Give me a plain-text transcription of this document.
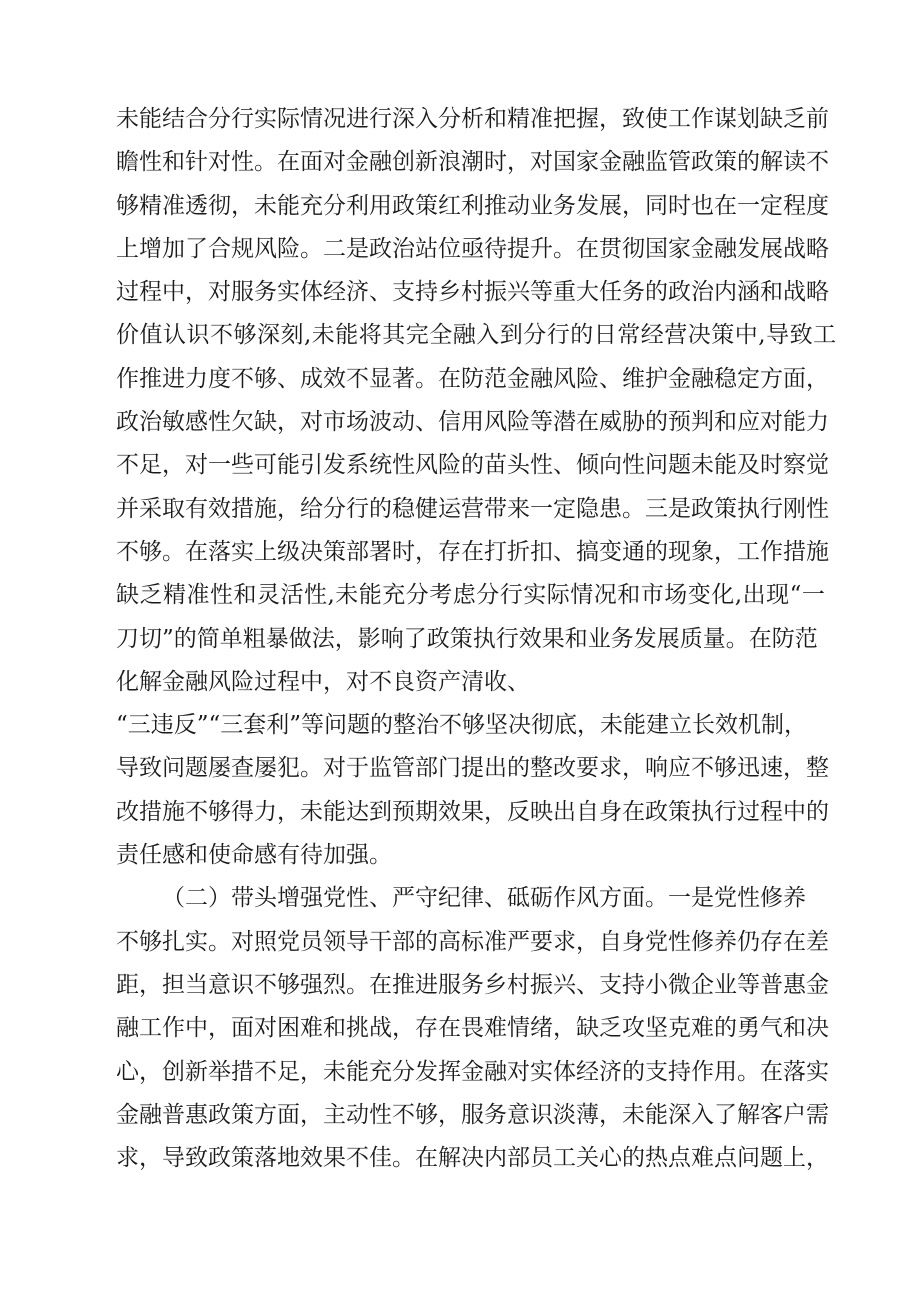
未能结合分行实际情况进行深入分析和精准把握，致使工作谋划缺乏前
瞻性和针对性。在面对金融创新浪潮时，对国家金融监管政策的解读不
够精准透彻，未能充分利用政策红利推动业务发展，同时也在一定程度
上增加了合规风险。二是政治站位亟待提升。在贯彻国家金融发展战略
过程中，对服务实体经济、支持乡村振兴等重大任务的政治内涵和战略
价值认识不够深刻,未能将其完全融入到分行的日常经营决策中,导致工
作推进力度不够、成效不显著。在防范金融风险、维护金融稳定方面，
政治敏感性欠缺，对市场波动、信用风险等潜在威胁的预判和应对能力
不足，对一些可能引发系统性风险的苗头性、倾向性问题未能及时察觉
并采取有效措施，给分行的稳健运营带来一定隐患。三是政策执行刚性
不够。在落实上级决策部署时，存在打折扣、搞变通的现象，工作措施
缺乏精准性和灵活性,未能充分考虑分行实际情况和市场变化,出现“一
刀切”的简单粗暴做法，影响了政策执行效果和业务发展质量。在防范
化解金融风险过程中，对不良资产清收、
“三违反”“三套利”等问题的整治不够坚决彻底，未能建立长效机制，
导致问题屡查屡犯。对于监管部门提出的整改要求，响应不够迅速，整
改措施不够得力，未能达到预期效果，反映出自身在政策执行过程中的
责任感和使命感有待加强。
（二）带头增强党性、严守纪律、砥砺作风方面。一是党性修养
不够扎实。对照党员领导干部的高标准严要求，自身党性修养仍存在差
距，担当意识不够强烈。在推进服务乡村振兴、支持小微企业等普惠金
融工作中，面对困难和挑战，存在畏难情绪，缺乏攻坚克难的勇气和决
心，创新举措不足，未能充分发挥金融对实体经济的支持作用。在落实
金融普惠政策方面，主动性不够，服务意识淡薄，未能深入了解客户需
求，导致政策落地效果不佳。在解决内部员工关心的热点难点问题上，
